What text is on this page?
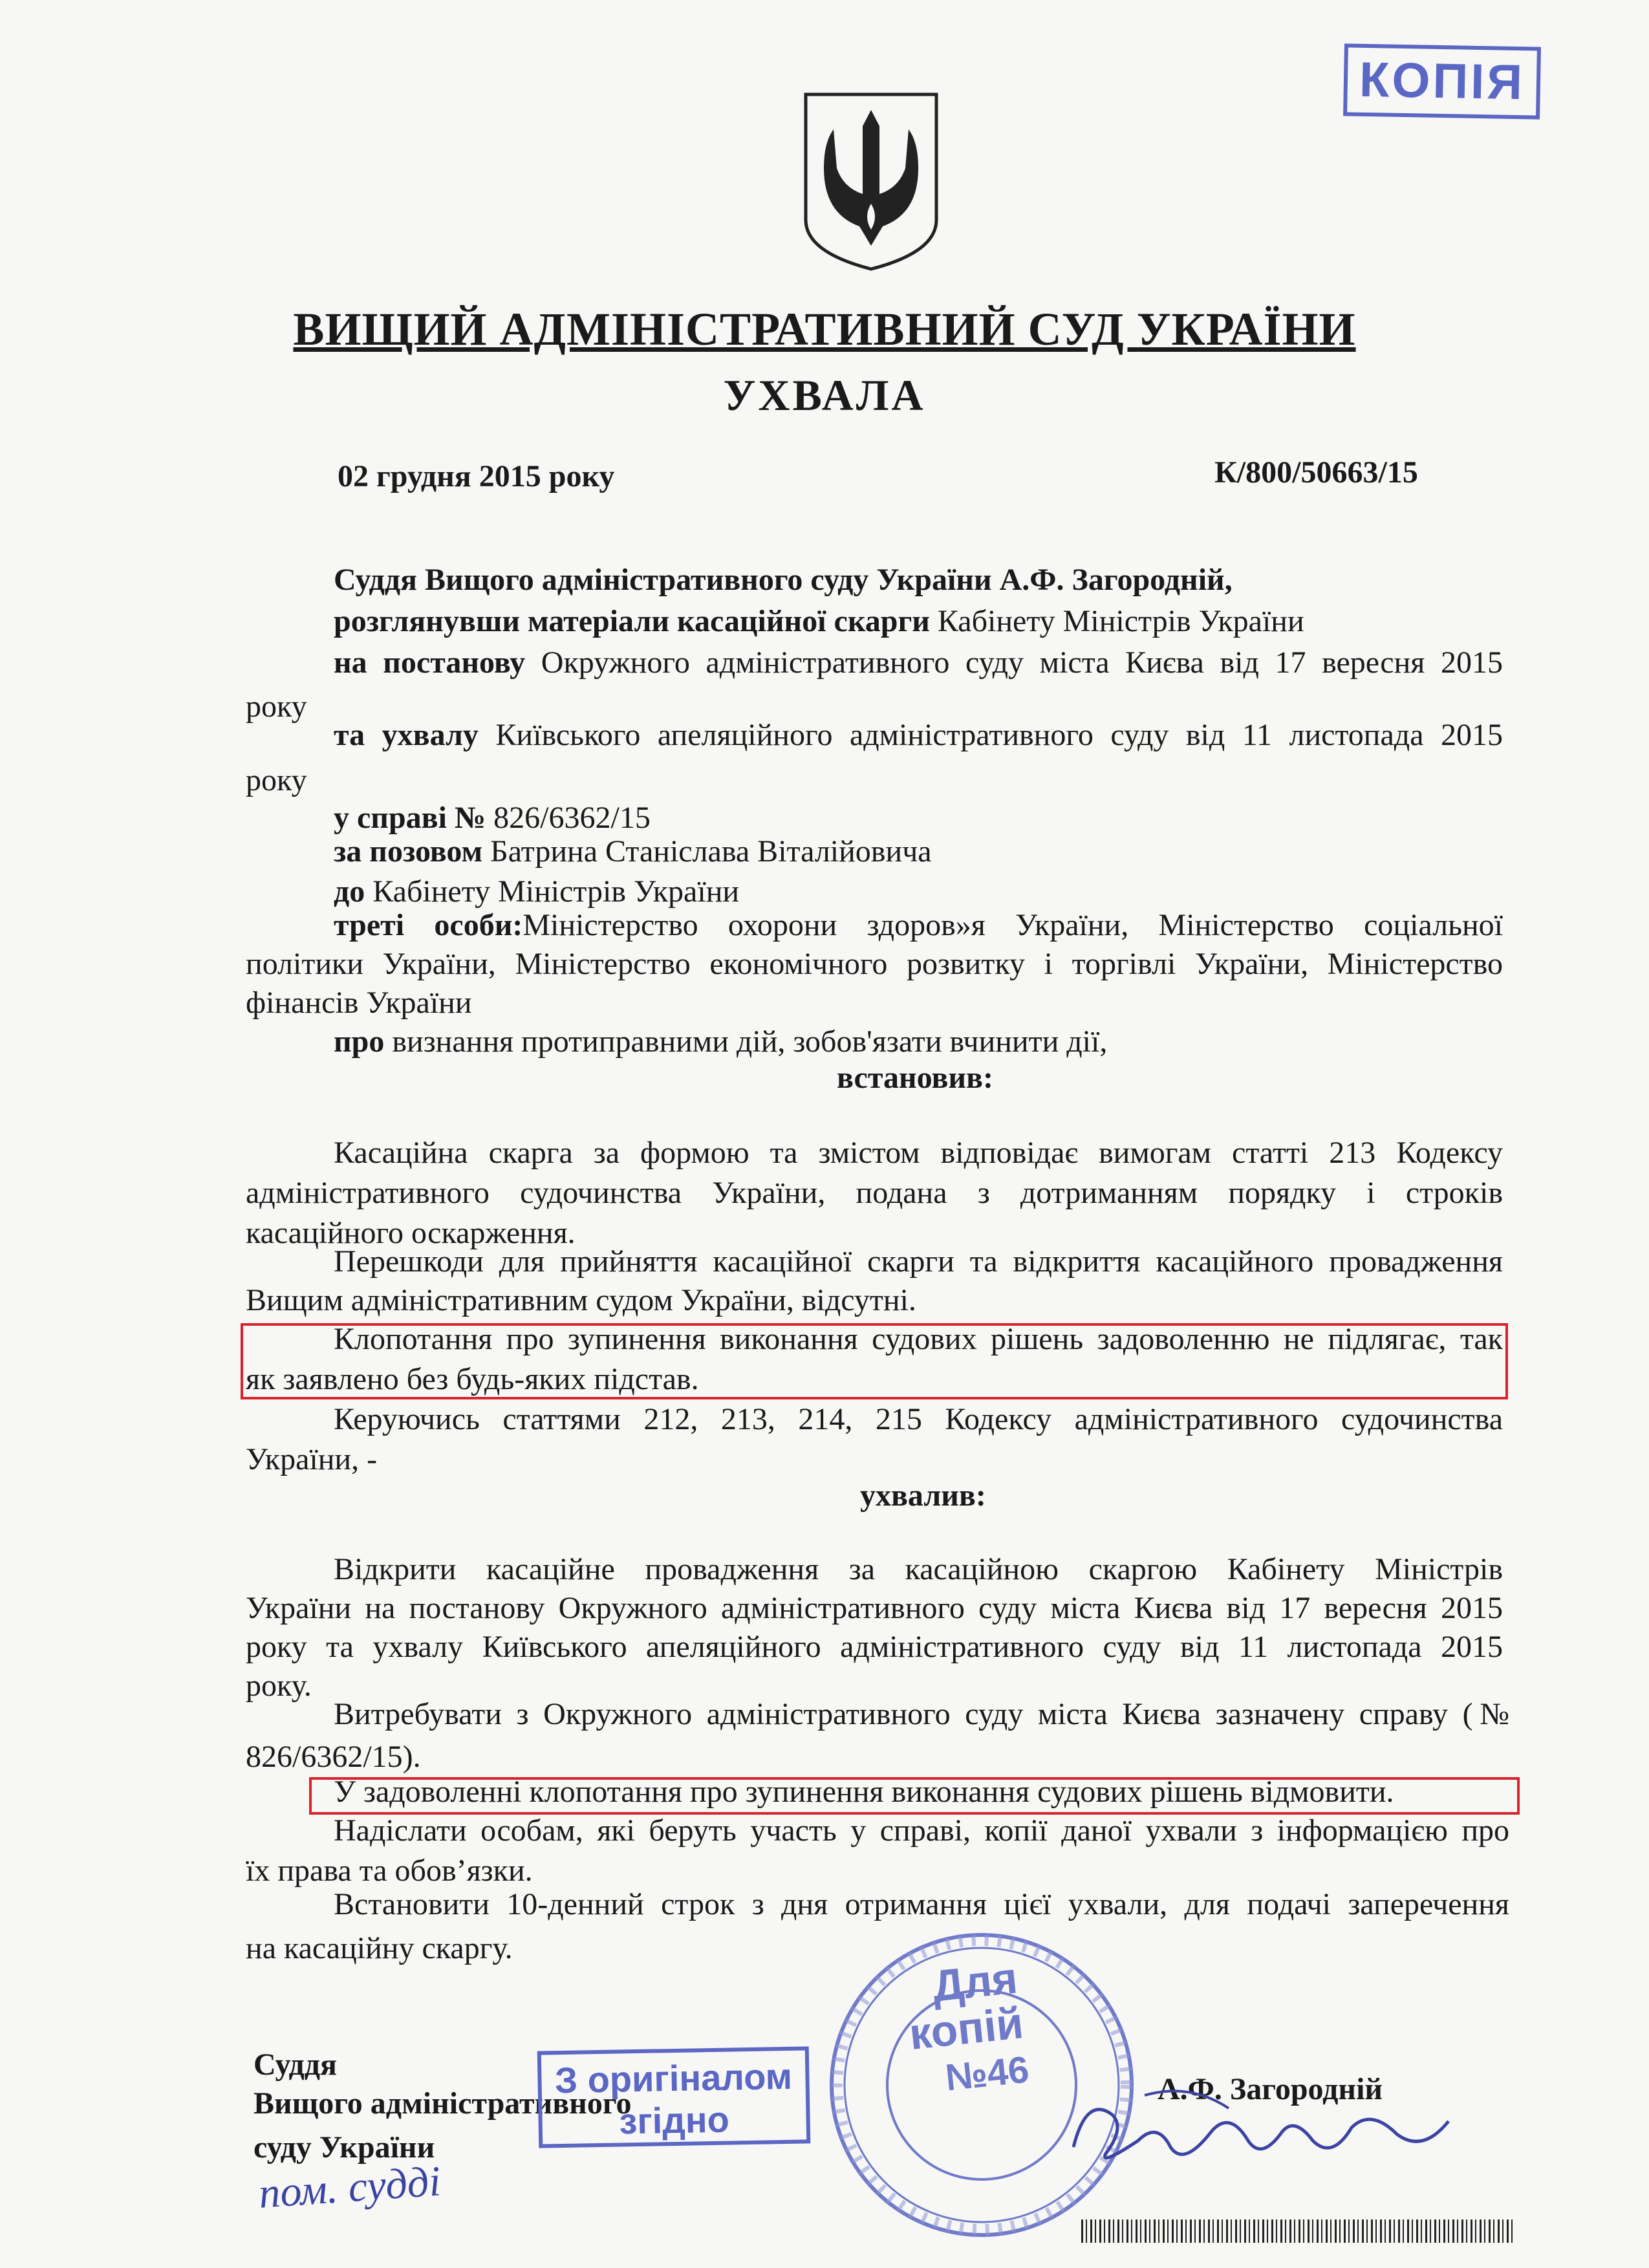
КОПІЯ
ВИЩИЙ АДМІНІСТРАТИВНИЙ СУД УКРАЇНИ
УХВАЛА
02 грудня 2015 року	К/800/50663/15
Суддя Вищого адміністративного суду України А.Ф. Загородній,
розглянувши матеріали касаційної скарги Кабінету Міністрів України
на постанову Окружного адміністративного суду міста Києва від 17 вересня 2015
року
та ухвалу Київського апеляційного адміністративного суду від 11 листопада 2015
року
у справі № 826/6362/15
за позовом Батрина Станіслава Віталійовича
до Кабінету Міністрів України
треті особи:Міністерство охорони здоров»я України, Міністерство соціальної
політики України, Міністерство економічного розвитку і торгівлі України, Міністерство
фінансів України
про визнання протиправними дій, зобов'язати вчинити дії,
встановив:
Касаційна скарга за формою та змістом відповідає вимогам статті 213 Кодексу
адміністративного судочинства України, подана з дотриманням порядку і строків
касаційного оскарження.
Перешкоди для прийняття касаційної скарги та відкриття касаційного провадження
Вищим адміністративним судом України, відсутні.
Клопотання про зупинення виконання судових рішень задоволенню не підлягає, так
як заявлено без будь-яких підстав.
Керуючись статтями 212, 213, 214, 215 Кодексу адміністративного судочинства
України, -
ухвалив:
Відкрити касаційне провадження за касаційною скаргою Кабінету Міністрів
України на постанову Окружного адміністративного суду міста Києва від 17 вересня 2015
року та ухвалу Київського апеляційного адміністративного суду від 11 листопада 2015
року.
Витребувати з Окружного адміністративного суду міста Києва зазначену справу (№
826/6362/15).
У задоволенні клопотання про зупинення виконання судових рішень відмовити.
Надіслати особам, які беруть участь у справі, копії даної ухвали з інформацією про
їх права та обов’язки.
Встановити 10-денний строк з дня отримання цієї ухвали, для подачі заперечення
на касаційну скаргу.
Для
копій
№46
Суддя
Вищого адміністративного
суду України
А.Ф. Загородній
З оригіналом
згідно
пом. судді
